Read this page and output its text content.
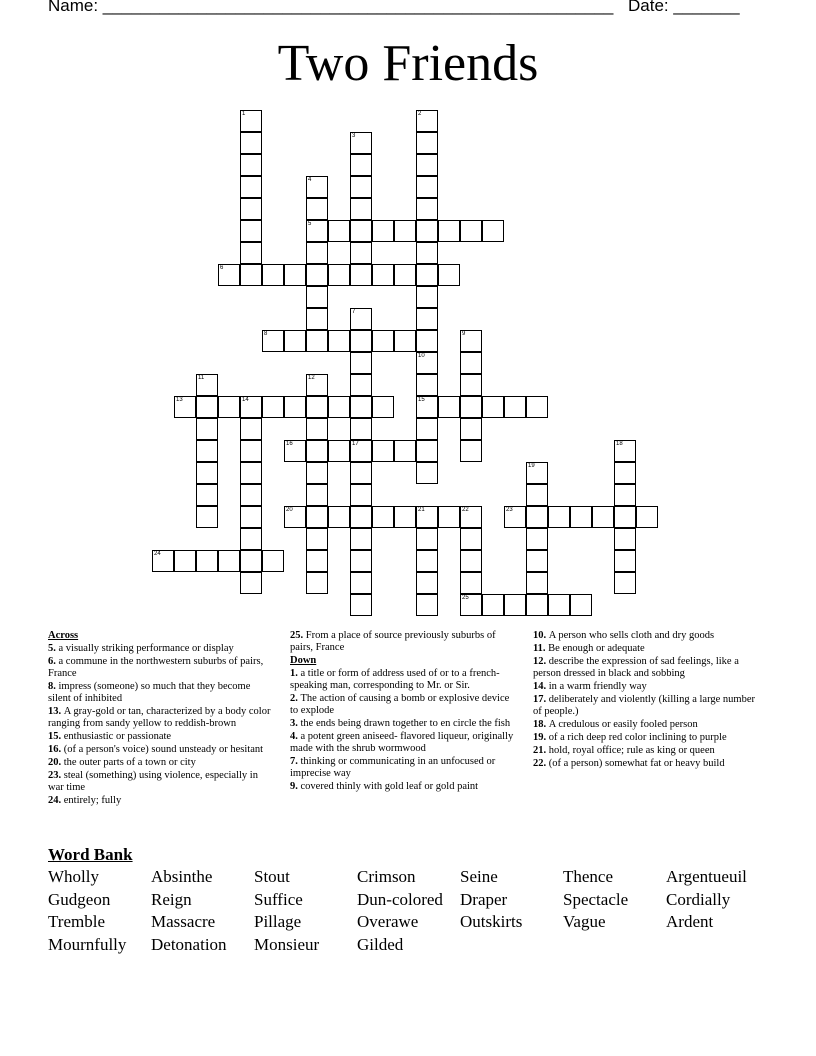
Name: ______________________________________________________ Date: _______
Two Friends
1	2
3
4
5
6
7
17
8	9
10
15
11	12
13	14
16	18
19
20	21	22	23
24
25

Across

5. a visually striking performance or display

6. a commune in the northwestern suburbs of pairs, France

8. impress (someone) so much that they become silent of inhibited

13. A gray-gold or tan, characterized by a body color ranging from sandy yellow to reddish-brown

15. enthusiastic or passionate

16. (of a person's voice) sound unsteady or hesitant

20. the outer parts of a town or city

23. steal (something) using violence, especially in war time

24. entirely; fully

25. From a place of source previously suburbs of pairs, France

Down

1. a title or form of address used of or to a french-speaking man, corresponding to Mr. or Sir.

2. The action of causing a bomb or explosive device to explode

3. the ends being drawn together to en circle the fish

4. a potent green aniseed- flavored liqueur, originally made with the shrub wormwood

7. thinking or communicating in an unfocused or imprecise way

9. covered thinly with gold leaf or gold paint

10. A person who sells cloth and dry goods

11. Be enough or adequate

12. describe the expression of sad feelings, like a person dressed in black and sobbing

14. in a warm friendly way

17. deliberately and violently (killing a large number of people.)

18. A credulous or easily fooled person

19. of a rich deep red color inclining to purple

21. hold, royal office; rule as king or queen

22. (of a person) somewhat fat or heavy build

Word Bank
Wholly
Gudgeon
Tremble
Mournfully
Absinthe
Reign
Massacre
Detonation
Stout
Suffice
Pillage
Monsieur
Crimson
Dun-colored
Overawe
Gilded
Seine
Draper
Outskirts
Thence
Spectacle
Vague
Argentueuil
Cordially
Ardent
